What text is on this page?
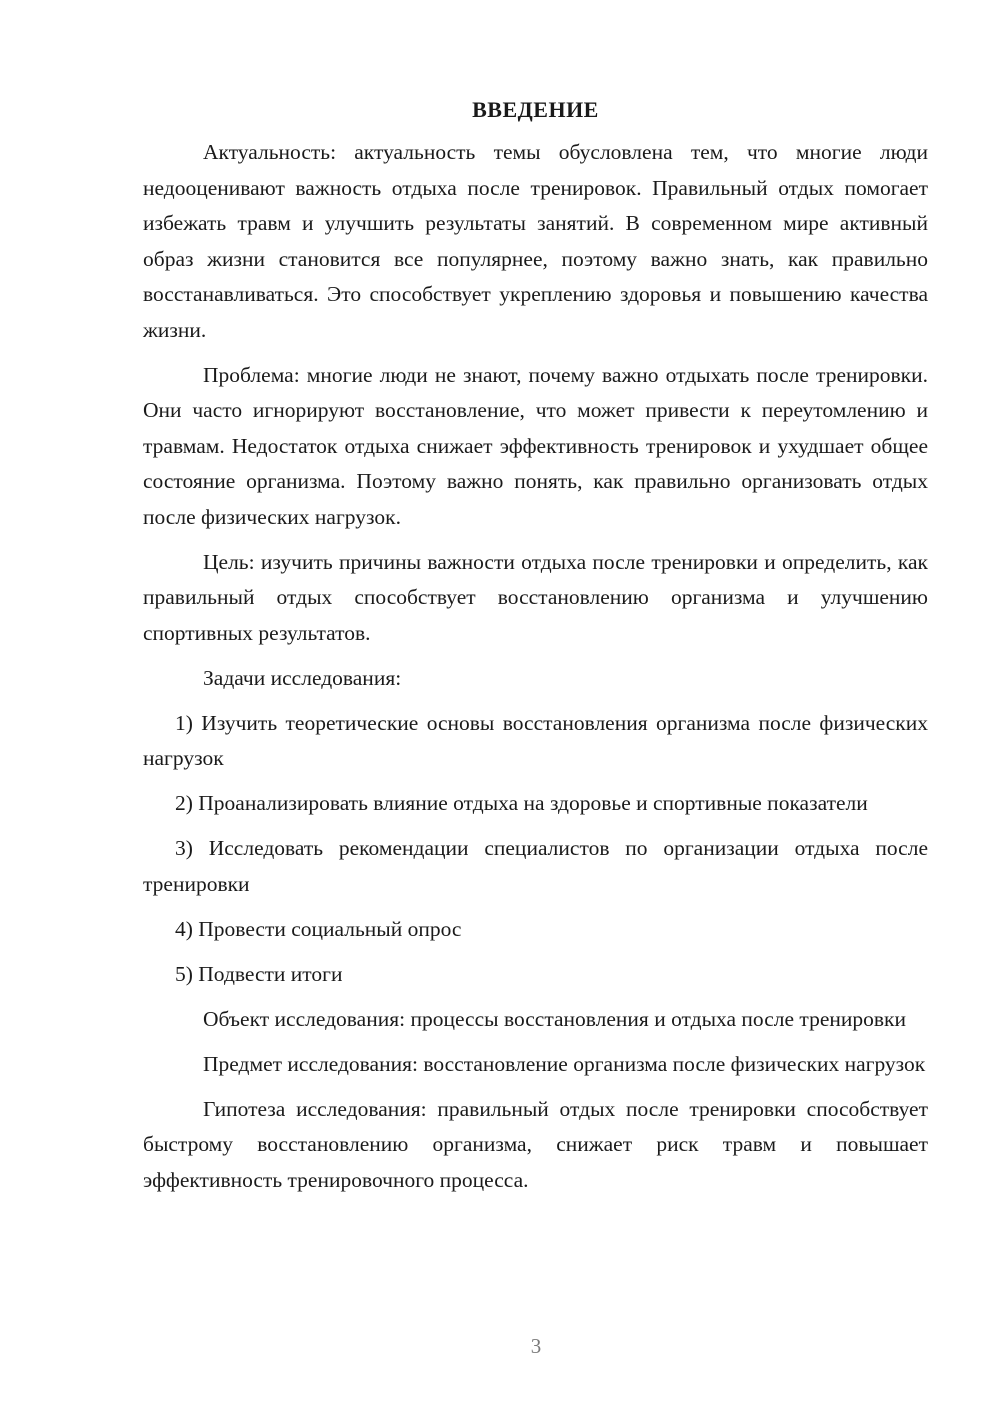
ВВЕДЕНИЕ

Актуальность: актуальность темы обусловлена тем, что многие люди недооценивают важность отдыха после тренировок. Правильный отдых помогает избежать травм и улучшить результаты занятий. В современном мире активный образ жизни становится все популярнее, поэтому важно знать, как правильно восстанавливаться. Это способствует укреплению здоровья и повышению качества жизни.

Проблема: многие люди не знают, почему важно отдыхать после тренировки. Они часто игнорируют восстановление, что может привести к переутомлению и травмам. Недостаток отдыха снижает эффективность тренировок и ухудшает общее состояние организма. Поэтому важно понять, как правильно организовать отдых после физических нагрузок.

Цель: изучить причины важности отдыха после тренировки и определить, как правильный отдых способствует восстановлению организма и улучшению спортивных результатов.

Задачи исследования:

1) Изучить теоретические основы восстановления организма после физических нагрузок

2) Проанализировать влияние отдыха на здоровье и спортивные показатели

3) Исследовать рекомендации специалистов по организации отдыха после тренировки

4) Провести социальный опрос

5) Подвести итоги

Объект исследования: процессы восстановления и отдыха после тренировки

Предмет исследования: восстановление организма после физических нагрузок

Гипотеза исследования: правильный отдых после тренировки способствует быстрому восстановлению организма, снижает риск травм и повышает эффективность тренировочного процесса.

3
